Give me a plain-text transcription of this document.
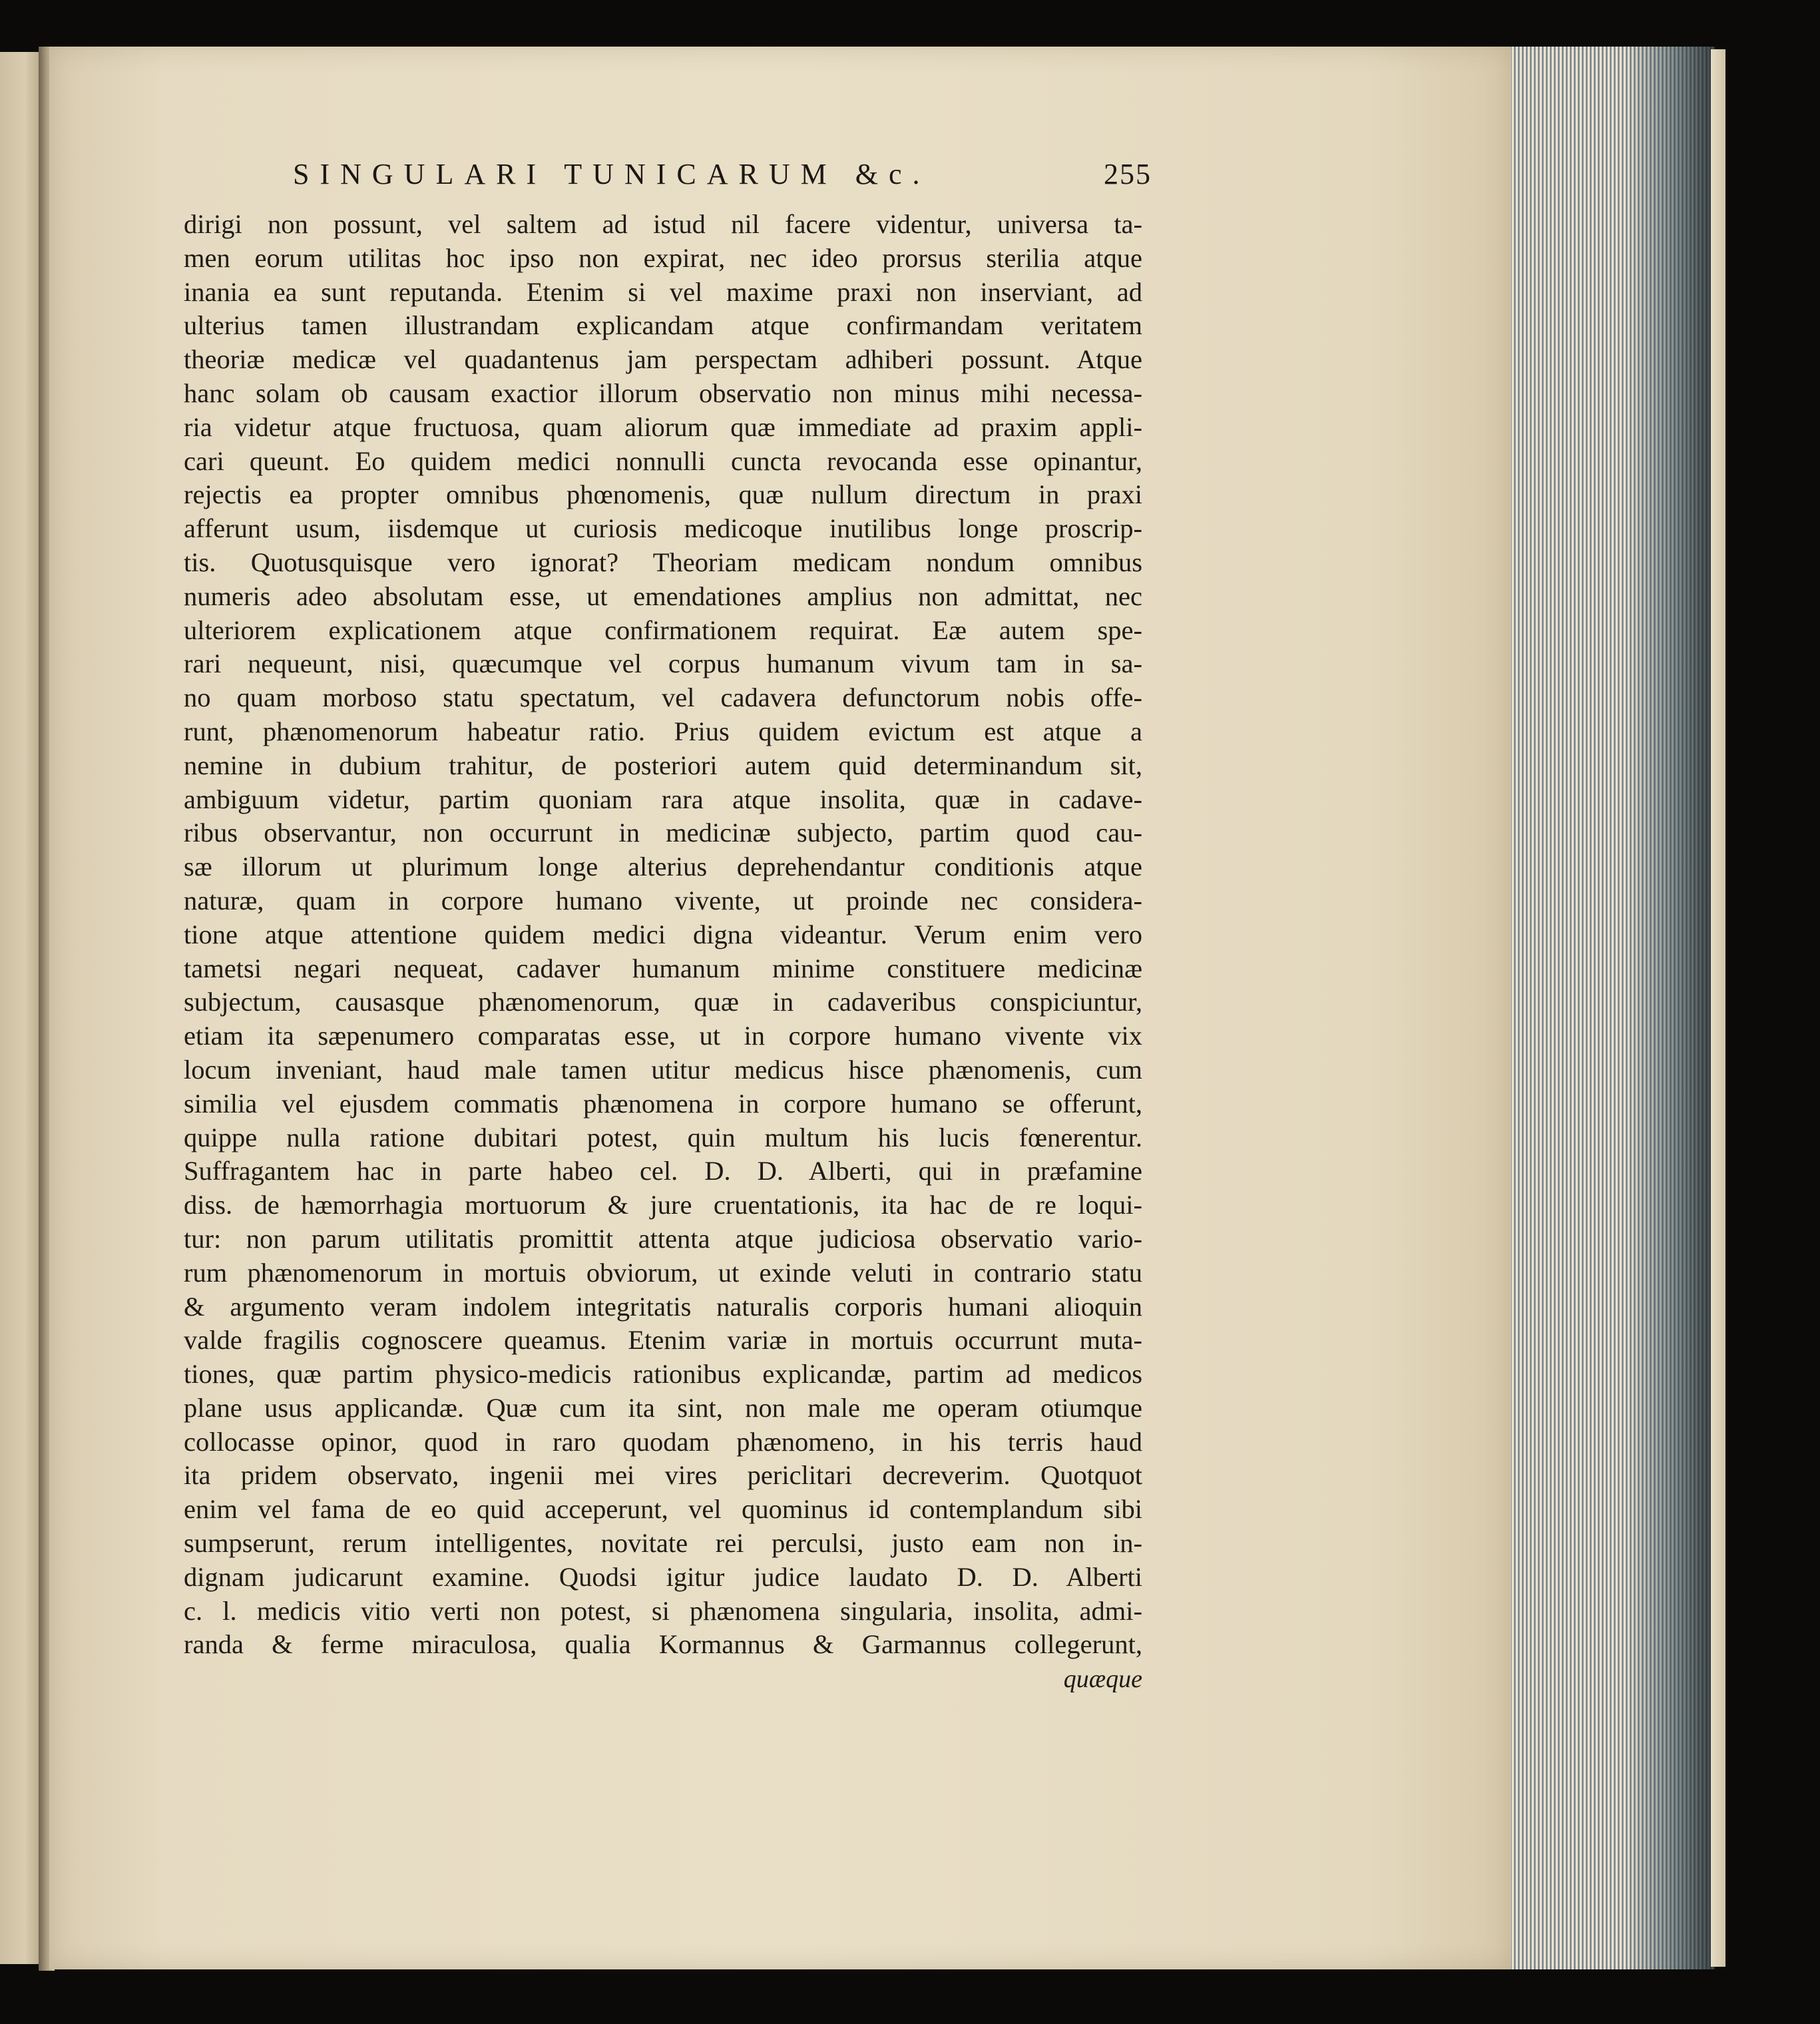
SINGULARI TUNICARUM &c.	255
dirigi non possunt, vel saltem ad istud nil facere videntur, universa ta-
men eorum utilitas hoc ipso non expirat, nec ideo prorsus sterilia atque
inania ea sunt reputanda. Etenim si vel maxime praxi non inserviant, ad
ulterius tamen illustrandam explicandam atque confirmandam veritatem
theoriæ medicæ vel quadantenus jam perspectam adhiberi possunt. Atque
hanc solam ob causam exactior illorum observatio non minus mihi necessa-
ria videtur atque fructuosa, quam aliorum quæ immediate ad praxim appli-
cari queunt. Eo quidem medici nonnulli cuncta revocanda esse opinantur,
rejectis ea propter omnibus phœnomenis, quæ nullum directum in praxi
afferunt usum, iisdemque ut curiosis medicoque inutilibus longe proscrip-
tis. Quotusquisque vero ignorat? Theoriam medicam nondum omnibus
numeris adeo absolutam esse, ut emendationes amplius non admittat, nec
ulteriorem explicationem atque confirmationem requirat. Eæ autem spe-
rari nequeunt, nisi, quæcumque vel corpus humanum vivum tam in sa-
no quam morboso statu spectatum, vel cadavera defunctorum nobis offe-
runt, phænomenorum habeatur ratio. Prius quidem evictum est atque a
nemine in dubium trahitur, de posteriori autem quid determinandum sit,
ambiguum videtur, partim quoniam rara atque insolita, quæ in cadave-
ribus observantur, non occurrunt in medicinæ subjecto, partim quod cau-
sæ illorum ut plurimum longe alterius deprehendantur conditionis atque
naturæ, quam in corpore humano vivente, ut proinde nec considera-
tione atque attentione quidem medici digna videantur. Verum enim vero
tametsi negari nequeat, cadaver humanum minime constituere medicinæ
subjectum, causasque phænomenorum, quæ in cadaveribus conspiciuntur,
etiam ita sæpenumero comparatas esse, ut in corpore humano vivente vix
locum inveniant, haud male tamen utitur medicus hisce phænomenis, cum
similia vel ejusdem commatis phænomena in corpore humano se offerunt,
quippe nulla ratione dubitari potest, quin multum his lucis fœnerentur.
Suffragantem hac in parte habeo cel. D. D. Alberti, qui in præfamine
diss. de hæmorrhagia mortuorum & jure cruentationis, ita hac de re loqui-
tur: non parum utilitatis promittit attenta atque judiciosa observatio vario-
rum phænomenorum in mortuis obviorum, ut exinde veluti in contrario statu
& argumento veram indolem integritatis naturalis corporis humani alioquin
valde fragilis cognoscere queamus. Etenim variæ in mortuis occurrunt muta-
tiones, quæ partim physico-medicis rationibus explicandæ, partim ad medicos
plane usus applicandæ. Quæ cum ita sint, non male me operam otiumque
collocasse opinor, quod in raro quodam phænomeno, in his terris haud
ita pridem observato, ingenii mei vires periclitari decreverim. Quotquot
enim vel fama de eo quid acceperunt, vel quominus id contemplandum sibi
sumpserunt, rerum intelligentes, novitate rei perculsi, justo eam non in-
dignam judicarunt examine. Quodsi igitur judice laudato D. D. Alberti
c. l. medicis vitio verti non potest, si phænomena singularia, insolita, admi-
randa & ferme miraculosa, qualia Kormannus & Garmannus collegerunt,
quæque
